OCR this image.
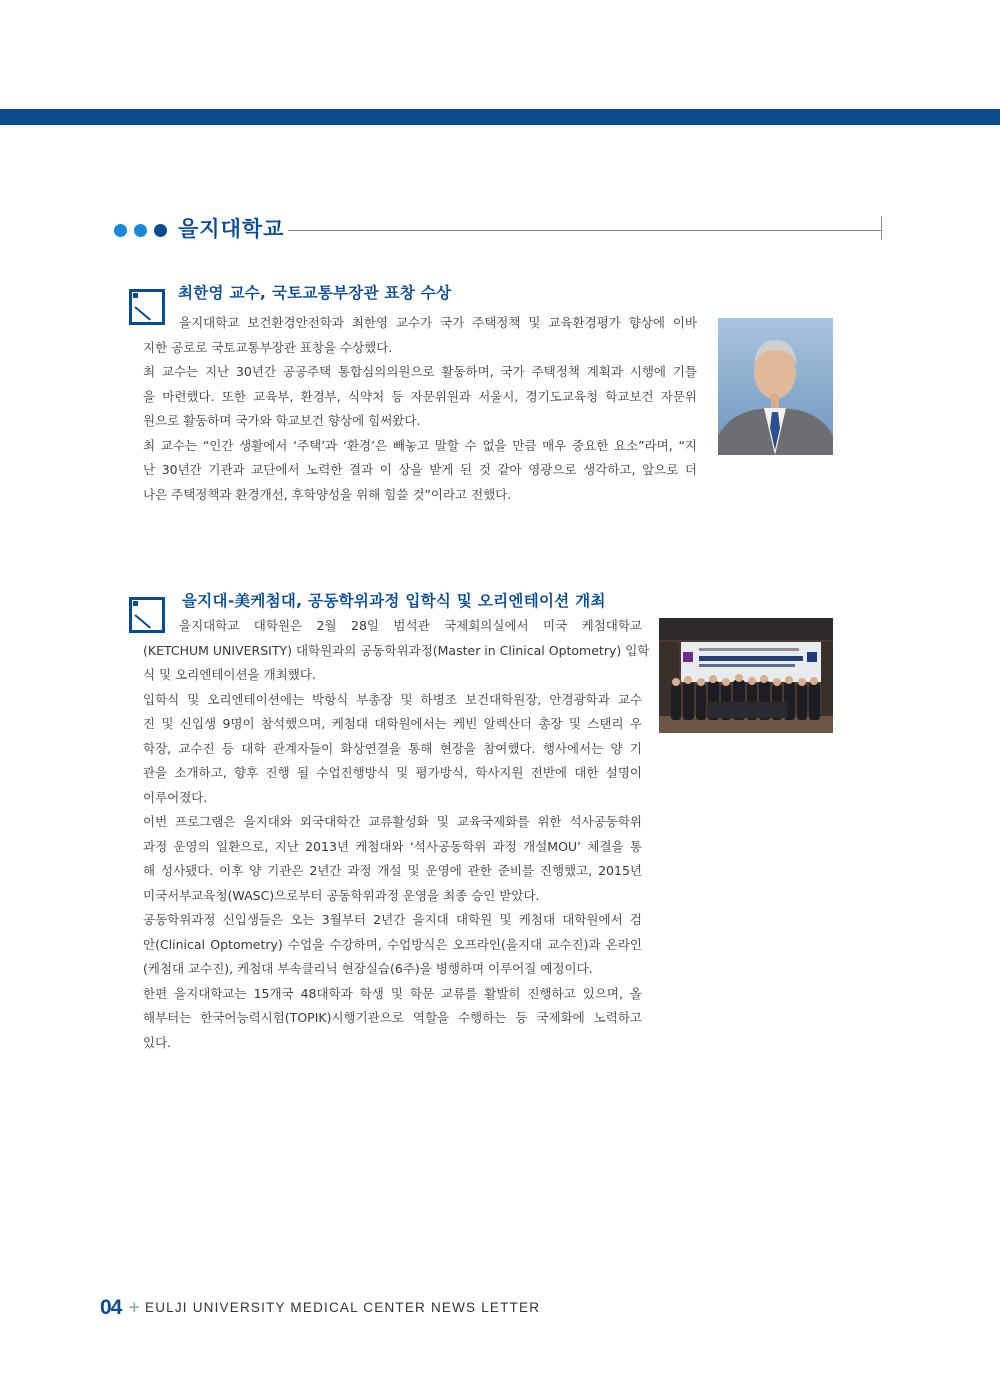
을지대학교
최한영 교수, 국토교통부장관 표창 수상
을지대학교 보건환경안전학과 최한영 교수가 국가 주택정책 및 교육환경평가 향상에 이바
지한 공로로 국토교통부장관 표창을 수상했다.
최 교수는 지난 30년간 공공주택 통합심의의원으로 활동하며, 국가 주택정책 계획과 시행에 기틀
을 마련했다. 또한 교육부, 환경부, 식약처 등 자문위원과 서울시, 경기도교육청 학교보건 자문위
원으로 활동하며 국가와 학교보건 향상에 힘써왔다.
최 교수는 “인간 생활에서 ‘주택’과 ‘환경’은 빼놓고 말할 수 없을 만큼 매우 중요한 요소”라며, “지
난 30년간 기관과 교단에서 노력한 결과 이 상을 받게 된 것 같아 영광으로 생각하고, 앞으로 더
나은 주택정책과 환경개선, 후학양성을 위해 힘쓸 것”이라고 전했다.
을지대-美케첨대, 공동학위과정 입학식 및 오리엔테이션 개최
을지대학교 대학원은 2월 28일 범석관 국제회의실에서 미국 케첨대학교
(KETCHUM UNIVERSITY) 대학원과의 공동학위과정(Master in Clinical Optometry) 입학
식 및 오리엔테이션을 개최했다.
입학식 및 오리엔테이션에는 박항식 부총장 및 하병조 보건대학원장, 안경광학과 교수
진 및 신입생 9명이 참석했으며, 케첨대 대학원에서는 케빈 알렉산더 총장 및 스탠리 우
학장, 교수진 등 대학 관계자들이 화상연결을 통해 현장을 참여했다. 행사에서는 양 기
관을 소개하고, 향후 진행 될 수업진행방식 및 평가방식, 학사지원 전반에 대한 설명이
이루어졌다.
이번 프로그램은 을지대와 외국대학간 교류활성화 및 교육국제화를 위한 석사공동학위
과정 운영의 일환으로, 지난 2013년 케첨대와 ‘석사공동학위 과정 개설MOU’ 체결을 통
해 성사됐다. 이후 양 기관은 2년간 과정 개설 및 운영에 관한 준비를 진행했고, 2015년
미국서부교육청(WASC)으로부터 공동학위과정 운영을 최종 승인 받았다.
공동학위과정 신입생들은 오는 3월부터 2년간 을지대 대학원 및 케첨대 대학원에서 검
안(Clinical Optometry) 수업을 수강하며, 수업방식은 오프라인(을지대 교수진)과 온라인
(케첨대 교수진), 케첨대 부속클리닉 현장실습(6주)을 병행하며 이루어질 예정이다.
한편 을지대학교는 15개국 48대학과 학생 및 학문 교류를 활발히 진행하고 있으며, 올
해부터는 한국어능력시험(TOPIK)시행기관으로 역할을 수행하는 등 국제화에 노력하고
있다.
04 + EULJI UNIVERSITY MEDICAL CENTER NEWS LETTER
